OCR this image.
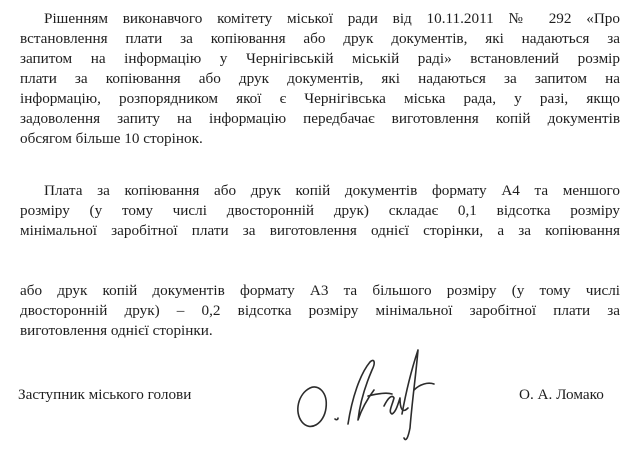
Рішенням виконавчого комітету міської ради від 10.11.2011 № 292 «Про
встановлення плати за копіювання або друк документів, які надаються за
запитом на інформацію у Чернігівській міській раді» встановлений розмір
плати за копіювання або друк документів, які надаються за запитом на
інформацію, розпорядником якої є Чернігівська міська рада, у разі, якщо
задоволення запиту на інформацію передбачає виготовлення копій документів
обсягом більше 10 сторінок.
Плата за копіювання або друк копій документів формату А4 та меншого
розміру (у тому числі двосторонній друк) складає 0,1 відсотка розміру
мінімальної заробітної плати за виготовлення однієї сторінки, а за копіювання
або друк копій документів формату А3 та більшого розміру (у тому числі
двосторонній друк) – 0,2 відсотка розміру мінімальної заробітної плати за
виготовлення однієї сторінки.
Заступник міського голови	О. А. Ломако
